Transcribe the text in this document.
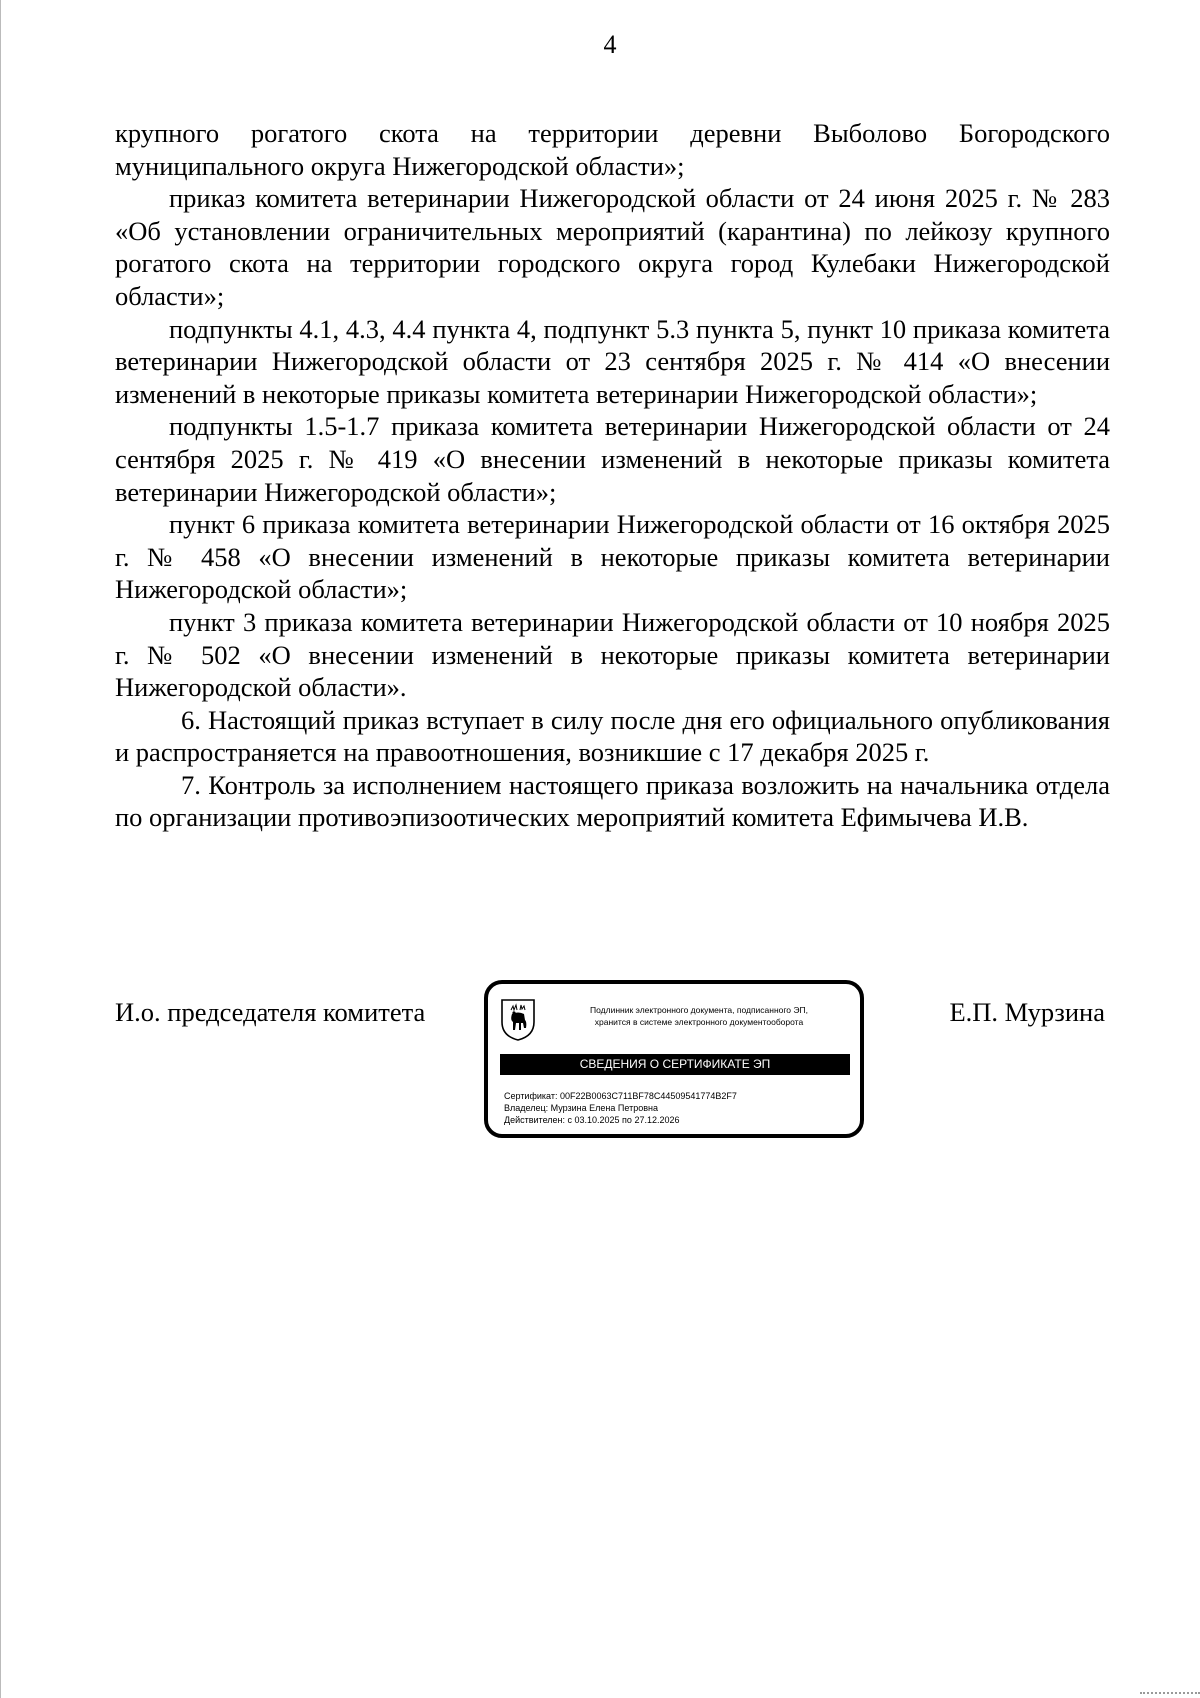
4

крупного рогатого скота на территории деревни Выболово Богородского муниципального округа Нижегородской области»;

приказ комитета ветеринарии Нижегородской области от 24 июня 2025 г. № 283 «Об установлении ограничительных мероприятий (карантина) по лейкозу крупного рогатого скота на территории городского округа город Кулебаки Нижегородской области»;

подпункты 4.1, 4.3, 4.4 пункта 4, подпункт 5.3 пункта 5, пункт 10 приказа комитета ветеринарии Нижегородской области от 23 сентября 2025 г. № 414 «О внесении изменений в некоторые приказы комитета ветеринарии Нижегородской области»;

подпункты 1.5-1.7 приказа комитета ветеринарии Нижегородской области от 24 сентября 2025 г. № 419 «О внесении изменений в некоторые приказы комитета ветеринарии Нижегородской области»;

пункт 6 приказа комитета ветеринарии Нижегородской области от 16 октября 2025 г. № 458 «О внесении изменений в некоторые приказы комитета ветеринарии Нижегородской области»;

пункт 3 приказа комитета ветеринарии Нижегородской области от 10 ноября 2025 г. № 502 «О внесении изменений в некоторые приказы комитета ветеринарии Нижегородской области».

6. Настоящий приказ вступает в силу после дня его официального опубликования и распространяется на правоотношения, возникшие с 17 декабря 2025 г.

7. Контроль за исполнением настоящего приказа возложить на начальника отдела по организации противоэпизоотических мероприятий комитета Ефимычева И.В.

И.о. председателя комитета	Подлинник электронного документа, подписанного ЭП,
хранится в системе электронного документооборота
СВЕДЕНИЯ О СЕРТИФИКАТЕ ЭП
Сертификат: 00F22B0063C711BF78C44509541774B2F7
Владелец: Мурзина Елена Петровна
Действителен: с 03.10.2025 по 27.12.2026
Е.П. Мурзина
